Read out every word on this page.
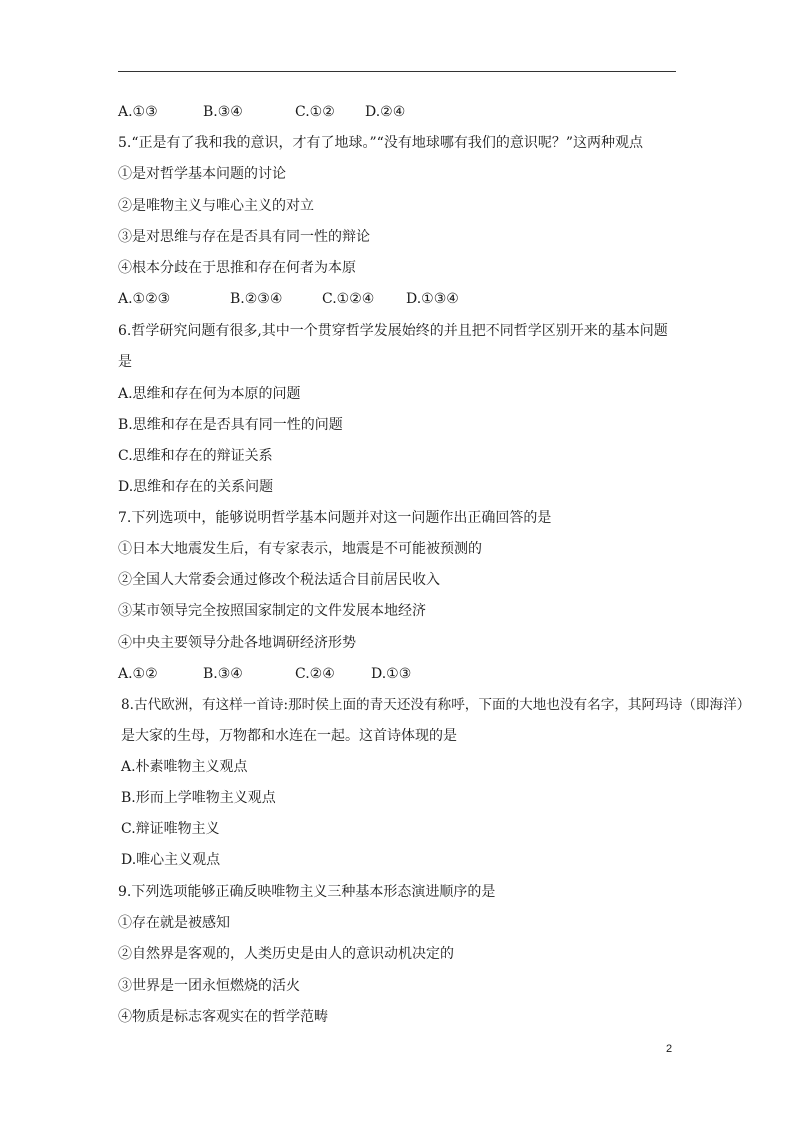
A.①③	B.③④	C.①② D.②④
5.“正是有了我和我的意识，才有了地球。”“没有地球哪有我们的意识呢？”这两种观点
①是对哲学基本问题的讨论
②是唯物主义与唯心主义的对立
③是对思维与存在是否具有同一性的辩论
④根本分歧在于思推和存在何者为本原
A.①②③	B.②③④	C.①②④ D.①③④
6.哲学研究问题有很多,其中一个贯穿哲学发展始终的并且把不同哲学区别开来的基本问题
是
A.思维和存在何为本原的问题
B.思维和存在是否具有同一性的问题
C.思维和存在的辩证关系
D.思维和存在的关系问题
7.下列选项中，能够说明哲学基本问题并对这一问题作出正确回答的是
①日本大地震发生后，有专家表示，地震是不可能被预测的
②全国人大常委会通过修改个税法适合目前居民收入
③某市领导完全按照国家制定的文件发展本地经济
④中央主要领导分赴各地调研经济形势
A.①②	B.③④	C.②④	D.①③
8.古代欧洲，有这样一首诗:那时侯上面的青天还没有称呼，下面的大地也没有名字，其阿玛诗（即海洋）
是大家的生母，万物都和水连在一起。这首诗体现的是
A.朴素唯物主义观点
B.形而上学唯物主义观点
C.辩证唯物主义
D.唯心主义观点
9.下列选项能够正确反映唯物主义三种基本形态演进顺序的是
①存在就是被感知
②自然界是客观的，人类历史是由人的意识动机决定的
③世界是一团永恒燃烧的活火
④物质是标志客观实在的哲学范畴
2
